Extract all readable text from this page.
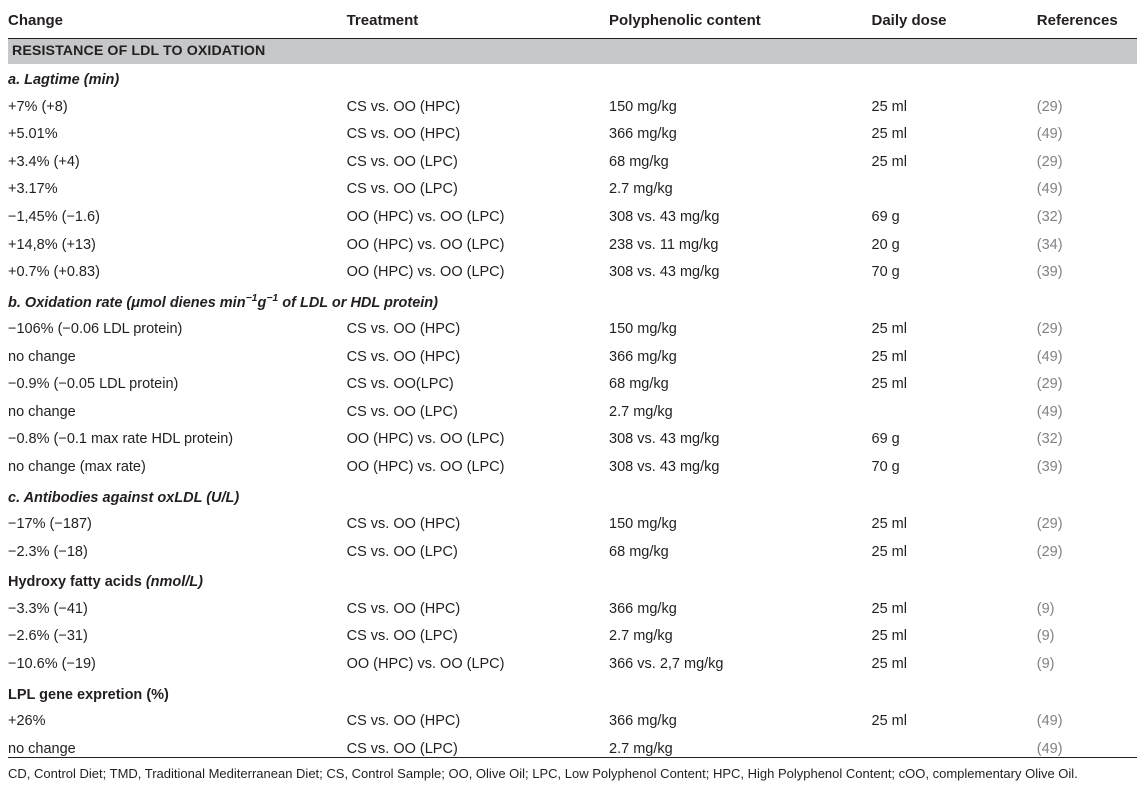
Change	Treatment	Polyphenolic content	Daily dose	References

RESISTANCE OF LDL TO OXIDATION				
a. Lagtime (min)				
+7% (+8)	CS vs. OO (HPC)	150 mg/kg	25 ml	(29)
+5.01%	CS vs. OO (HPC)	366 mg/kg	25 ml	(49)
+3.4% (+4)	CS vs. OO (LPC)	68 mg/kg	25 ml	(29)
+3.17%	CS vs. OO (LPC)	2.7 mg/kg		(49)
−1,45% (−1.6)	OO (HPC) vs. OO (LPC)	308 vs. 43 mg/kg	69 g	(32)
+14,8% (+13)	OO (HPC) vs. OO (LPC)	238 vs. 11 mg/kg	20 g	(34)
+0.7% (+0.83)	OO (HPC) vs. OO (LPC)	308 vs. 43 mg/kg	70 g	(39)
b. Oxidation rate (μmol dienes $\min^{-1}g^{-1}$ of LDL or HDL protein)				
−106% (−0.06 LDL protein)	CS vs. OO (HPC)	150 mg/kg	25 ml	(29)
no change	CS vs. OO (HPC)	366 mg/kg	25 ml	(49)
−0.9% (−0.05 LDL protein)	CS vs. OO(LPC)	68 mg/kg	25 ml	(29)
no change	CS vs. OO (LPC)	2.7 mg/kg		(49)
−0.8% (−0.1 max rate HDL protein)	OO (HPC) vs. OO (LPC)	308 vs. 43 mg/kg	69 g	(32)
no change (max rate)	OO (HPC) vs. OO (LPC)	308 vs. 43 mg/kg	70 g	(39)
c. Antibodies against oxLDL (U/L)				
−17% (−187)	CS vs. OO (HPC)	150 mg/kg	25 ml	(29)
−2.3% (−18)	CS vs. OO (LPC)	68 mg/kg	25 ml	(29)
Hydroxy fatty acids (nmol/L)				
−3.3% (−41)	CS vs. OO (HPC)	366 mg/kg	25 ml	(9)
−2.6% (−31)	CS vs. OO (LPC)	2.7 mg/kg	25 ml	(9)
−10.6% (−19)	OO (HPC) vs. OO (LPC)	366 vs. 2,7 mg/kg	25 ml	(9)
LPL gene expretion (%)				
+26%	CS vs. OO (HPC)	366 mg/kg	25 ml	(49)
no change	CS vs. OO (LPC)	2.7 mg/kg		(49)
CD, Control Diet; TMD, Traditional Mediterranean Diet; CS, Control Sample; OO, Olive Oil; LPC, Low Polyphenol Content; HPC, High Polyphenol Content; cOO, complementary Olive Oil.
